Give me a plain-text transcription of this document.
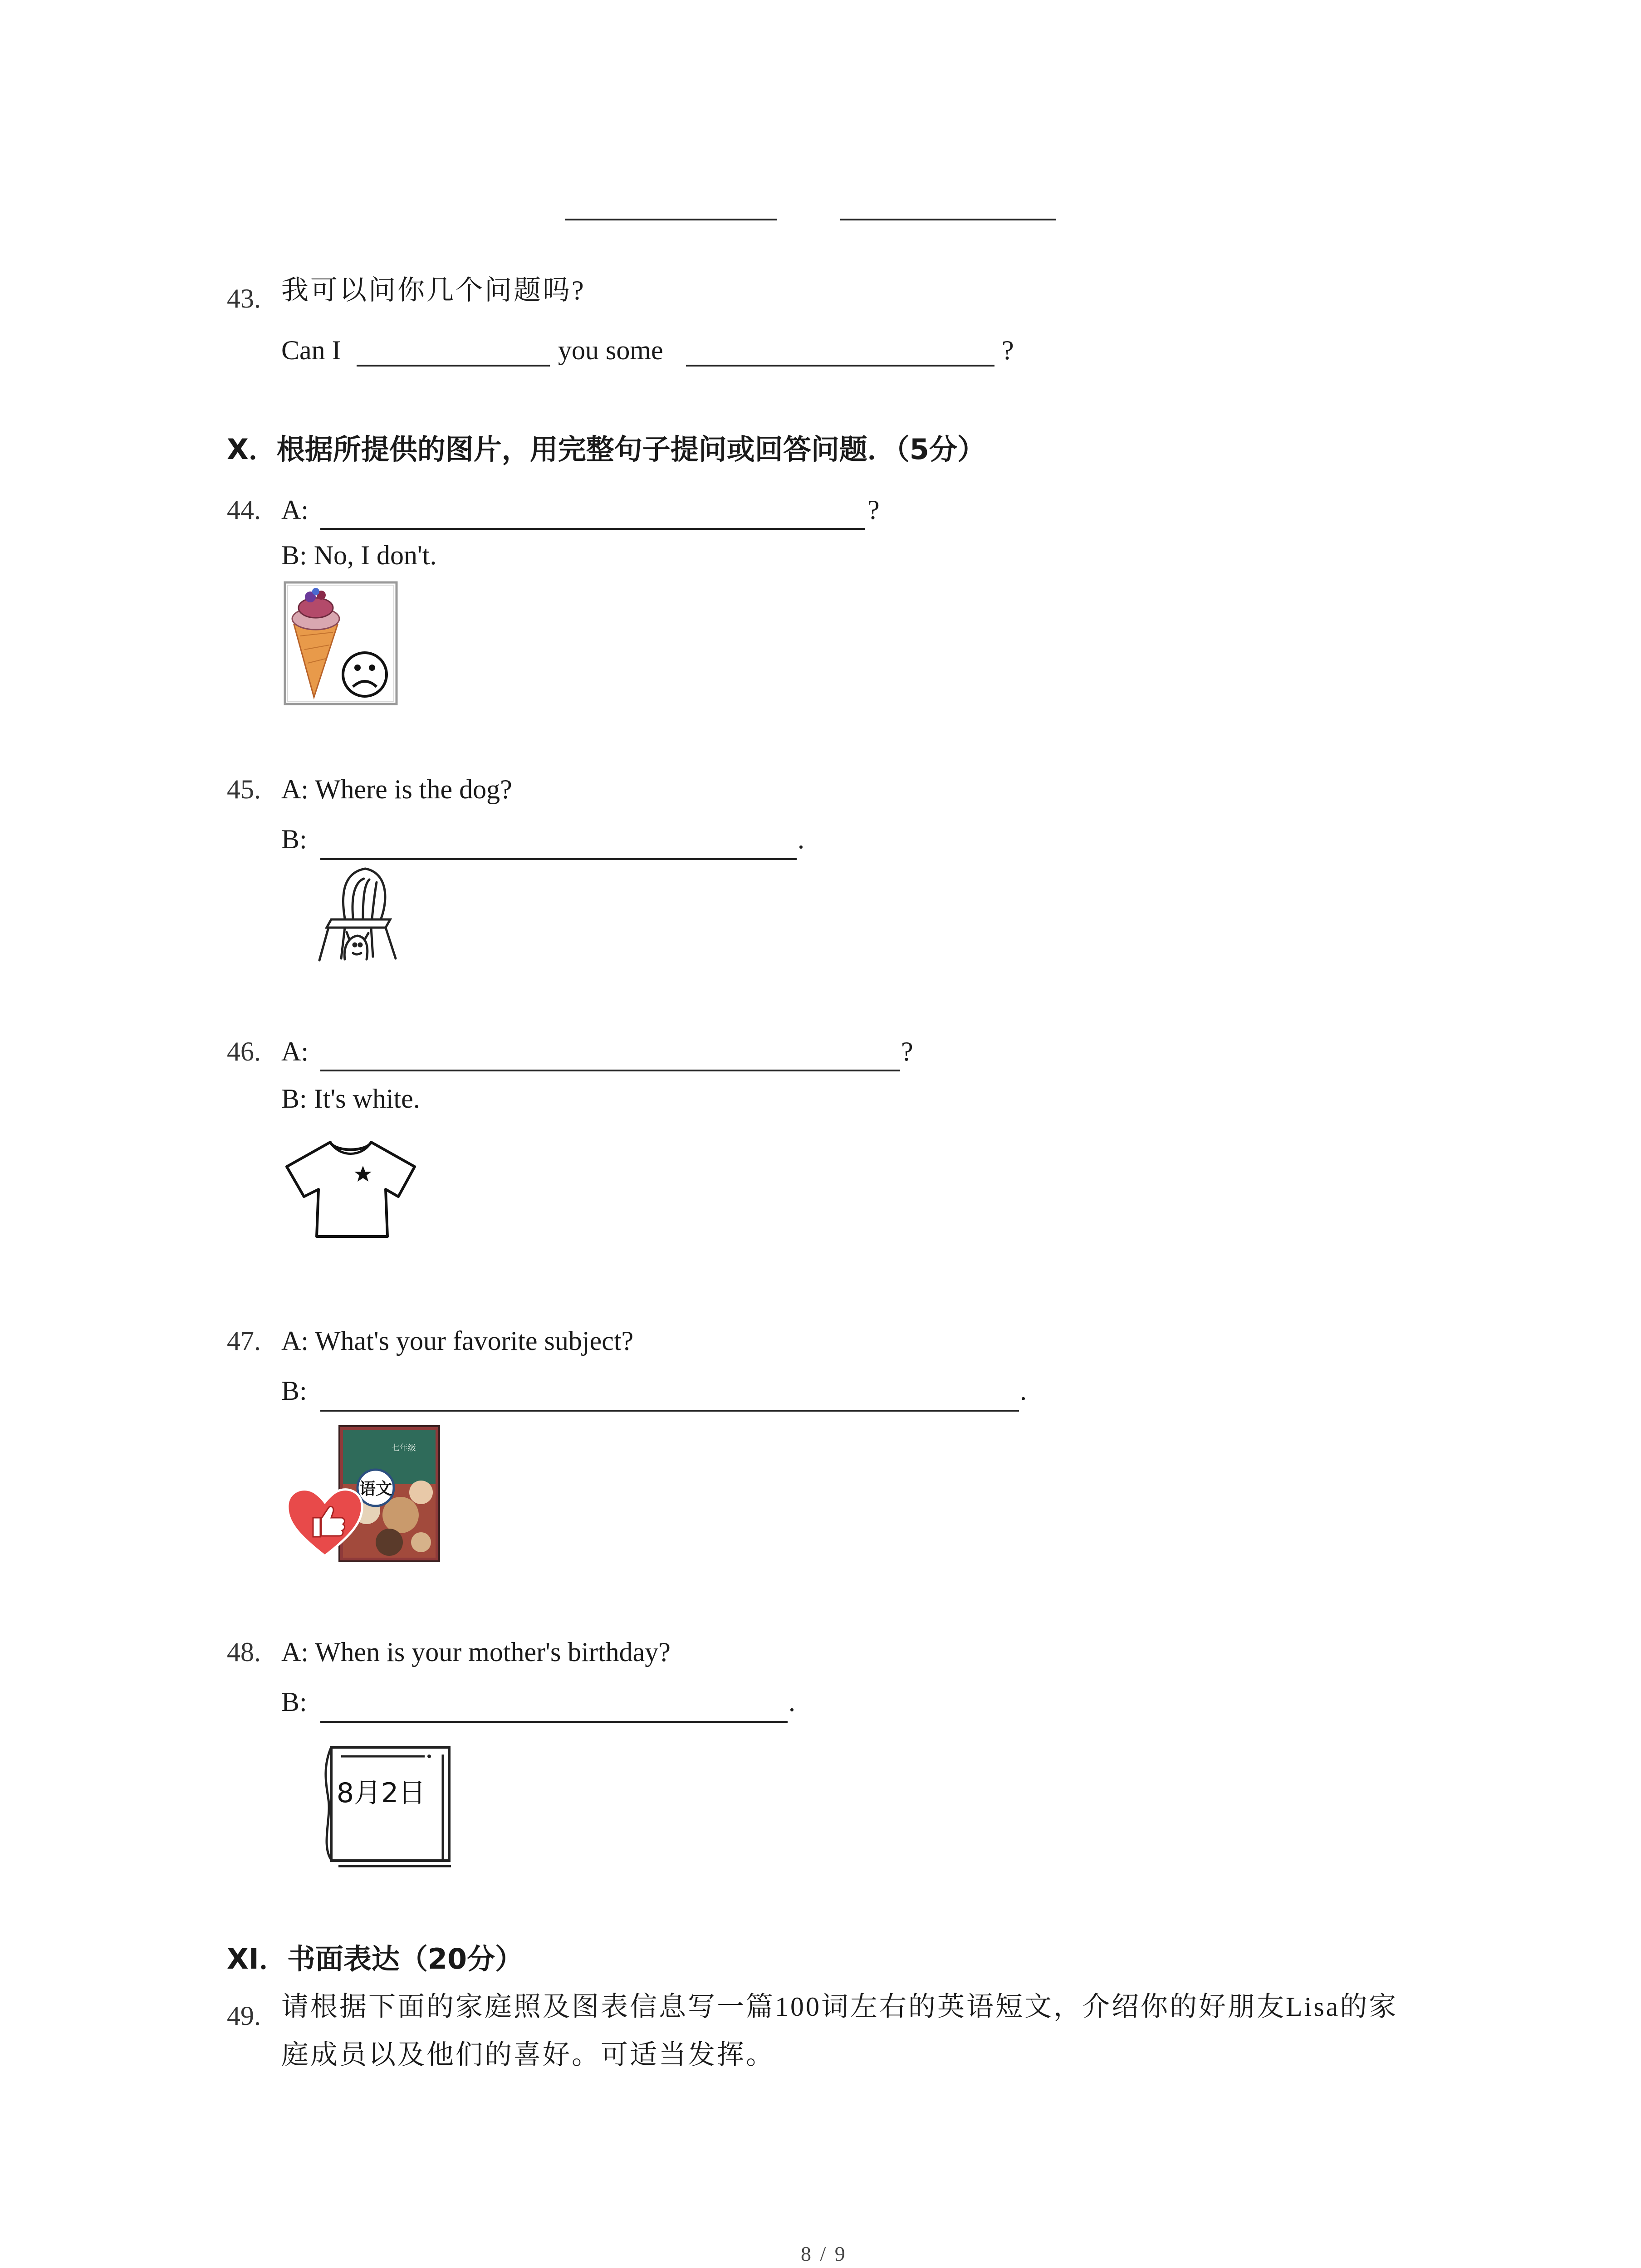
43. 我可以问你几个问题吗?
Can I	you some	?
X．根据所提供的图片，用完整句子提问或回答问题．（5分）
44. A:	?
B: No, I don't.
45. A: Where is the dog?
B:	.
46. A:	?
B: It's white.
47. A: What's your favorite subject?
B:	.
语文
七年级
48. A: When is your mother's birthday?
B:	.
8月2日
XI．书面表达（20分）
49. 请根据下面的家庭照及图表信息写一篇100词左右的英语短文，介绍你的好朋友Lisa的家
庭成员以及他们的喜好。可适当发挥。
8 / 9
